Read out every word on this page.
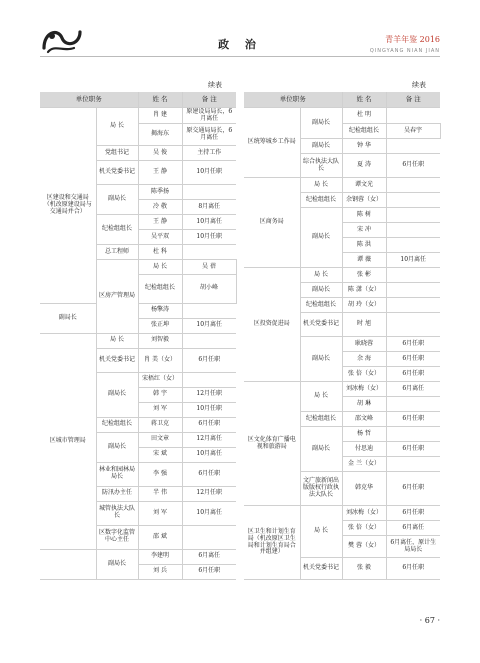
政 治	青羊年鉴 2016
QINGYANG NIAN JIAN
续表	续表
单位职务		姓 名	备 注	
区建设和交通局（机改原建设局与交通局并合）	局 长	肖 建	原建设局局长，6月离任	
		揭海东	原交通局局长，6月离任	
	党组书记	吴 俊	主持工作	
	机关党委书记	王 静	10月任职	
	副局长	陈季扬		
		冷 敬	8月离任	
	纪检组组长	王 静	10月离任	
		吴平双	10月任职	
	总工程师	杜 科		
	区房产管理局	局 长	吴 蓓	
		纪检组组长	胡小峰	
副局长		杨擎涛		
		张正坤	10月离任	
区城市管理局	局 长	刘智毅		
	机关党委书记	肖 美（女）	6月任职	
	副局长	宋梧红（女）		
		韩 宇	12月任职	
		刘 军	10月任职	
	纪检组组长	蒋卫克	6月任职	
	副局长	田文章	12月离任	
		宋 斌	10月离任	
	林业和园林局局长	李 强	6月任职	
	防汛办主任	半 伟	12月任职	
	城管执法大队长	刘 军	10月离任	
	区数字化监管中心主任	邵 斌		
	副局长	李建明	6月离任	
		刘 兵	6月任职	
单位职务		姓 名	备 注	
区统筹城乡工作局	副局长	杜 明		
		纪检组组长	吴春宇	
	副局长	钟 华		
	综合执法大队长	夏 涛	6月任职	
区商务局	局 长	谭文光		
	纪检组组长	余钢蓉（女）		
	副局长	陈 树		
		宋 冲		
		陈 洪		
		谭 薇	10月离任	
区投资促进局	局 长	张 彬		
	副局长	陈 潇（女）		
	纪检组组长	胡 玲（女）		
	机关党委书记	时 旭		
	副局长	耿晓蓉	6月任职	
		余 海	6月任职	
		张 倍（女）	6月任职	
区文化体育广播电视和旅游局	局 长	刘冰梅（女）	6月离任	
		胡 琳		
	纪检组组长	邵文峰	6月任职	
	副局长	杨 哲		
		付思迪	6月任职	
		金 兰（女）		
	文广旅新闻出版版权行政执法大队长	韩克华	6月任职	
区卫生和计划生育局（机改原区卫生局和计划生育局合并组建）	局 长	刘冰梅（女）	6月任职	
		张 倍（女）	6月离任	
		樊 蓉（女）	6月离任，原计生局局长	
	机关党委书记	张 毅	6月任职	
· 67 ·
